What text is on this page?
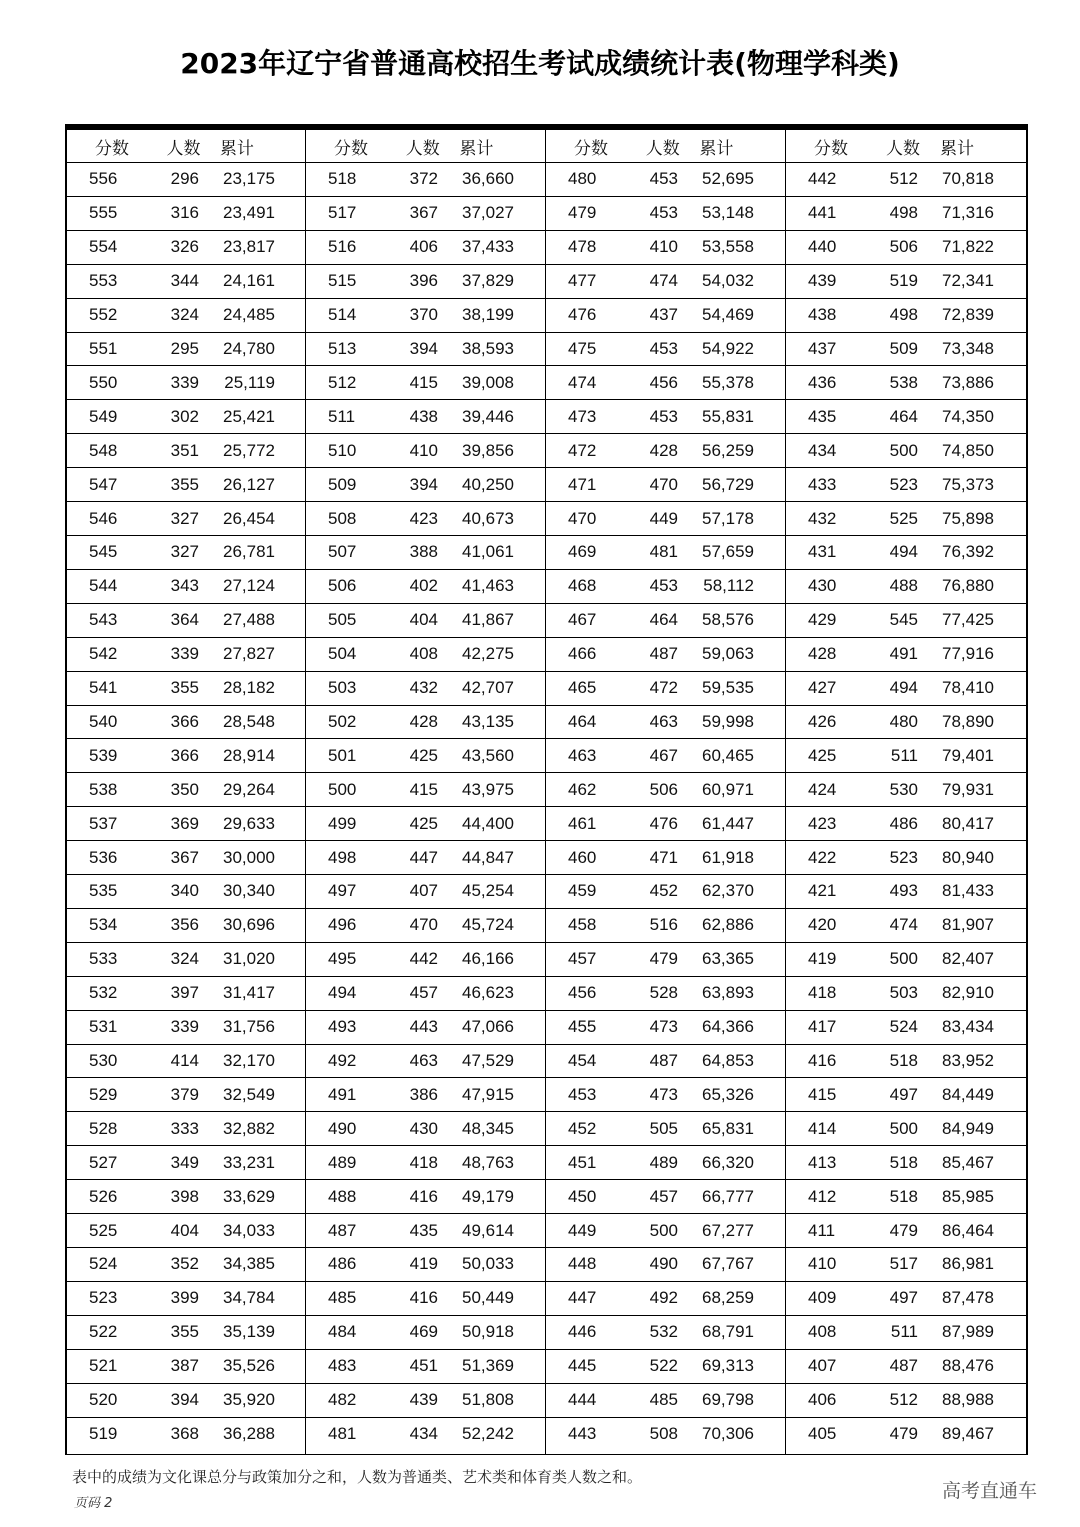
2023年辽宁省普通高校招生考试成绩统计表(物理学科类)
分数	人数	累计
556	296	23,175
555	316	23,491
554	326	23,817
553	344	24,161
552	324	24,485
551	295	24,780
550	339	25,119
549	302	25,421
548	351	25,772
547	355	26,127
546	327	26,454
545	327	26,781
544	343	27,124
543	364	27,488
542	339	27,827
541	355	28,182
540	366	28,548
539	366	28,914
538	350	29,264
537	369	29,633
536	367	30,000
535	340	30,340
534	356	30,696
533	324	31,020
532	397	31,417
531	339	31,756
530	414	32,170
529	379	32,549
528	333	32,882
527	349	33,231
526	398	33,629
525	404	34,033
524	352	34,385
523	399	34,784
522	355	35,139
521	387	35,526
520	394	35,920
519	368	36,288
分数	人数	累计
518	372	36,660
517	367	37,027
516	406	37,433
515	396	37,829
514	370	38,199
513	394	38,593
512	415	39,008
511	438	39,446
510	410	39,856
509	394	40,250
508	423	40,673
507	388	41,061
506	402	41,463
505	404	41,867
504	408	42,275
503	432	42,707
502	428	43,135
501	425	43,560
500	415	43,975
499	425	44,400
498	447	44,847
497	407	45,254
496	470	45,724
495	442	46,166
494	457	46,623
493	443	47,066
492	463	47,529
491	386	47,915
490	430	48,345
489	418	48,763
488	416	49,179
487	435	49,614
486	419	50,033
485	416	50,449
484	469	50,918
483	451	51,369
482	439	51,808
481	434	52,242
分数	人数	累计
480	453	52,695
479	453	53,148
478	410	53,558
477	474	54,032
476	437	54,469
475	453	54,922
474	456	55,378
473	453	55,831
472	428	56,259
471	470	56,729
470	449	57,178
469	481	57,659
468	453	58,112
467	464	58,576
466	487	59,063
465	472	59,535
464	463	59,998
463	467	60,465
462	506	60,971
461	476	61,447
460	471	61,918
459	452	62,370
458	516	62,886
457	479	63,365
456	528	63,893
455	473	64,366
454	487	64,853
453	473	65,326
452	505	65,831
451	489	66,320
450	457	66,777
449	500	67,277
448	490	67,767
447	492	68,259
446	532	68,791
445	522	69,313
444	485	69,798
443	508	70,306
分数	人数	累计
442	512	70,818
441	498	71,316
440	506	71,822
439	519	72,341
438	498	72,839
437	509	73,348
436	538	73,886
435	464	74,350
434	500	74,850
433	523	75,373
432	525	75,898
431	494	76,392
430	488	76,880
429	545	77,425
428	491	77,916
427	494	78,410
426	480	78,890
425	511	79,401
424	530	79,931
423	486	80,417
422	523	80,940
421	493	81,433
420	474	81,907
419	500	82,407
418	503	82,910
417	524	83,434
416	518	83,952
415	497	84,449
414	500	84,949
413	518	85,467
412	518	85,985
411	479	86,464
410	517	86,981
409	497	87,478
408	511	87,989
407	487	88,476
406	512	88,988
405	479	89,467
表中的成绩为文化课总分与政策加分之和，人数为普通类、艺术类和体育类人数之和。
页码 2
高考直通车
